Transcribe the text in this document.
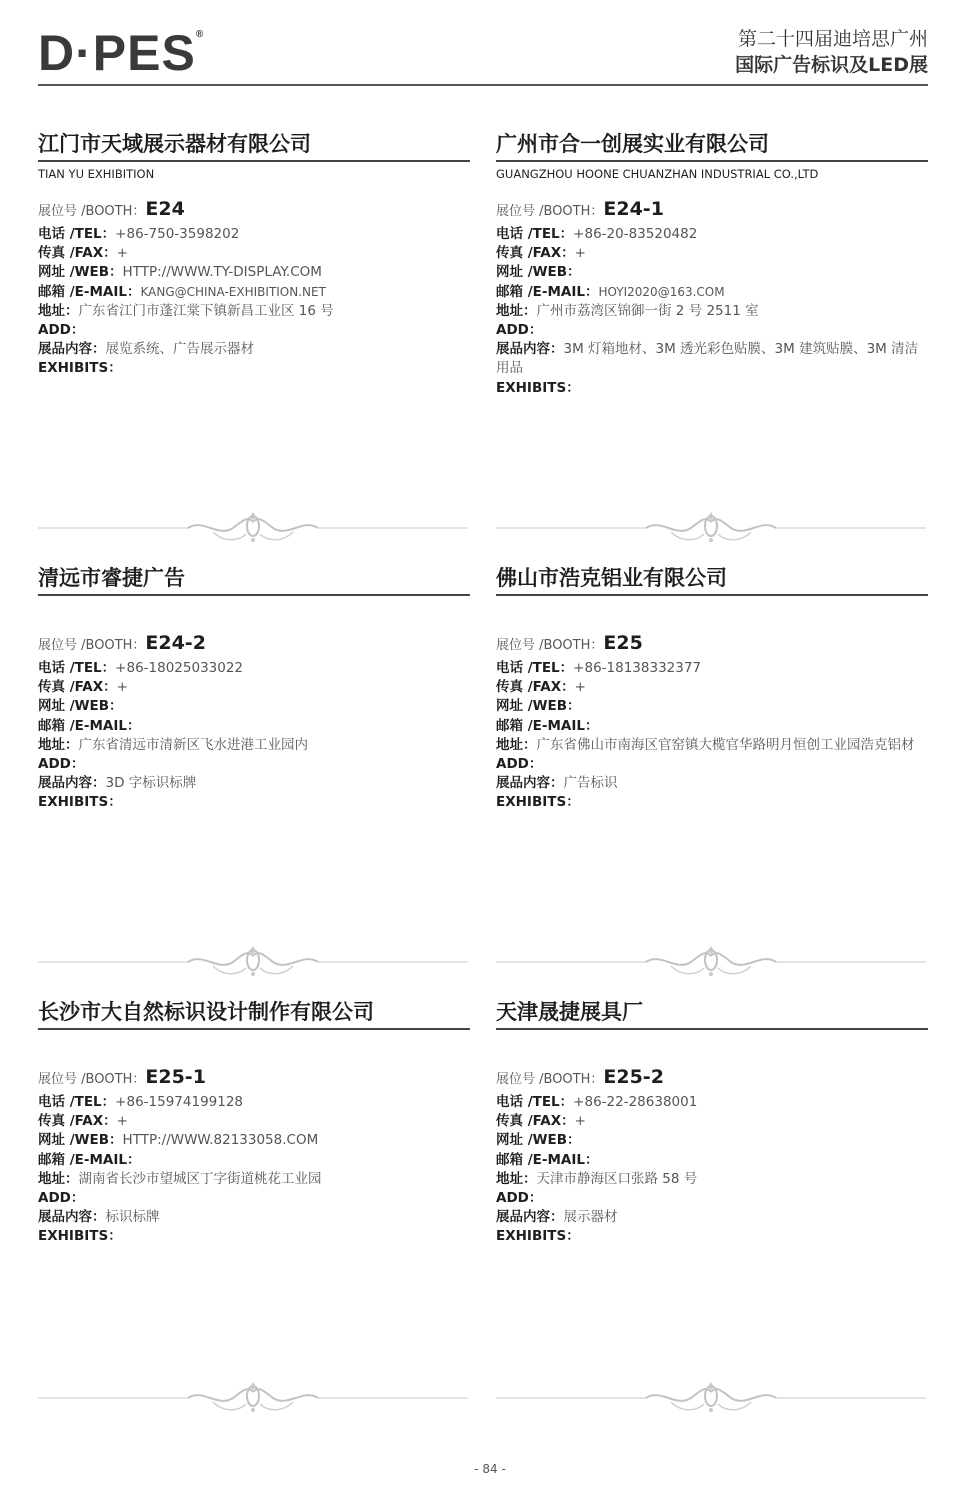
D·PES®	第二十四届迪培思广州
国际广告标识及LED展
江门市天域展示器材有限公司
TIAN YU EXHIBITION
展位号 /BOOTH：E24
电话 /TEL：+86-750-3598202
传真 /FAX：+
网址 /WEB：HTTP://WWW.TY-DISPLAY.COM
邮箱 /E-MAIL：KANG@CHINA-EXHIBITION.NET
地址：广东省江门市蓬江棠下镇新昌工业区 16 号
ADD：
展品内容：展览系统、广告展示器材
EXHIBITS：
广州市合一创展实业有限公司
GUANGZHOU HOONE CHUANZHAN INDUSTRIAL CO.,LTD
展位号 /BOOTH：E24-1
电话 /TEL：+86-20-83520482
传真 /FAX：+
网址 /WEB：
邮箱 /E-MAIL：HOYI2020@163.COM
地址：广州市荔湾区锦御一街 2 号 2511 室
ADD：
展品内容：3M 灯箱地材、3M 透光彩色贴膜、3M 建筑贴膜、3M 清洁用品
EXHIBITS：
清远市睿捷广告
展位号 /BOOTH：E24-2
电话 /TEL：+86-18025033022
传真 /FAX：+
网址 /WEB：
邮箱 /E-MAIL：
地址：广东省清远市清新区飞水进港工业园内
ADD：
展品内容：3D 字标识标牌
EXHIBITS：
佛山市浩克铝业有限公司
展位号 /BOOTH：E25
电话 /TEL：+86-18138332377
传真 /FAX：+
网址 /WEB：
邮箱 /E-MAIL：
地址：广东省佛山市南海区官窑镇大榄官华路明月恒创工业园浩克铝材
ADD：
展品内容：广告标识
EXHIBITS：
长沙市大自然标识设计制作有限公司
展位号 /BOOTH：E25-1
电话 /TEL：+86-15974199128
传真 /FAX：+
网址 /WEB：HTTP://WWW.82133058.COM
邮箱 /E-MAIL：
地址：湖南省长沙市望城区丁字街道桃花工业园
ADD：
展品内容：标识标牌
EXHIBITS：
天津晟捷展具厂
展位号 /BOOTH：E25-2
电话 /TEL：+86-22-28638001
传真 /FAX：+
网址 /WEB：
邮箱 /E-MAIL：
地址：天津市静海区口张路 58 号
ADD：
展品内容：展示器材
EXHIBITS：
- 84 -
